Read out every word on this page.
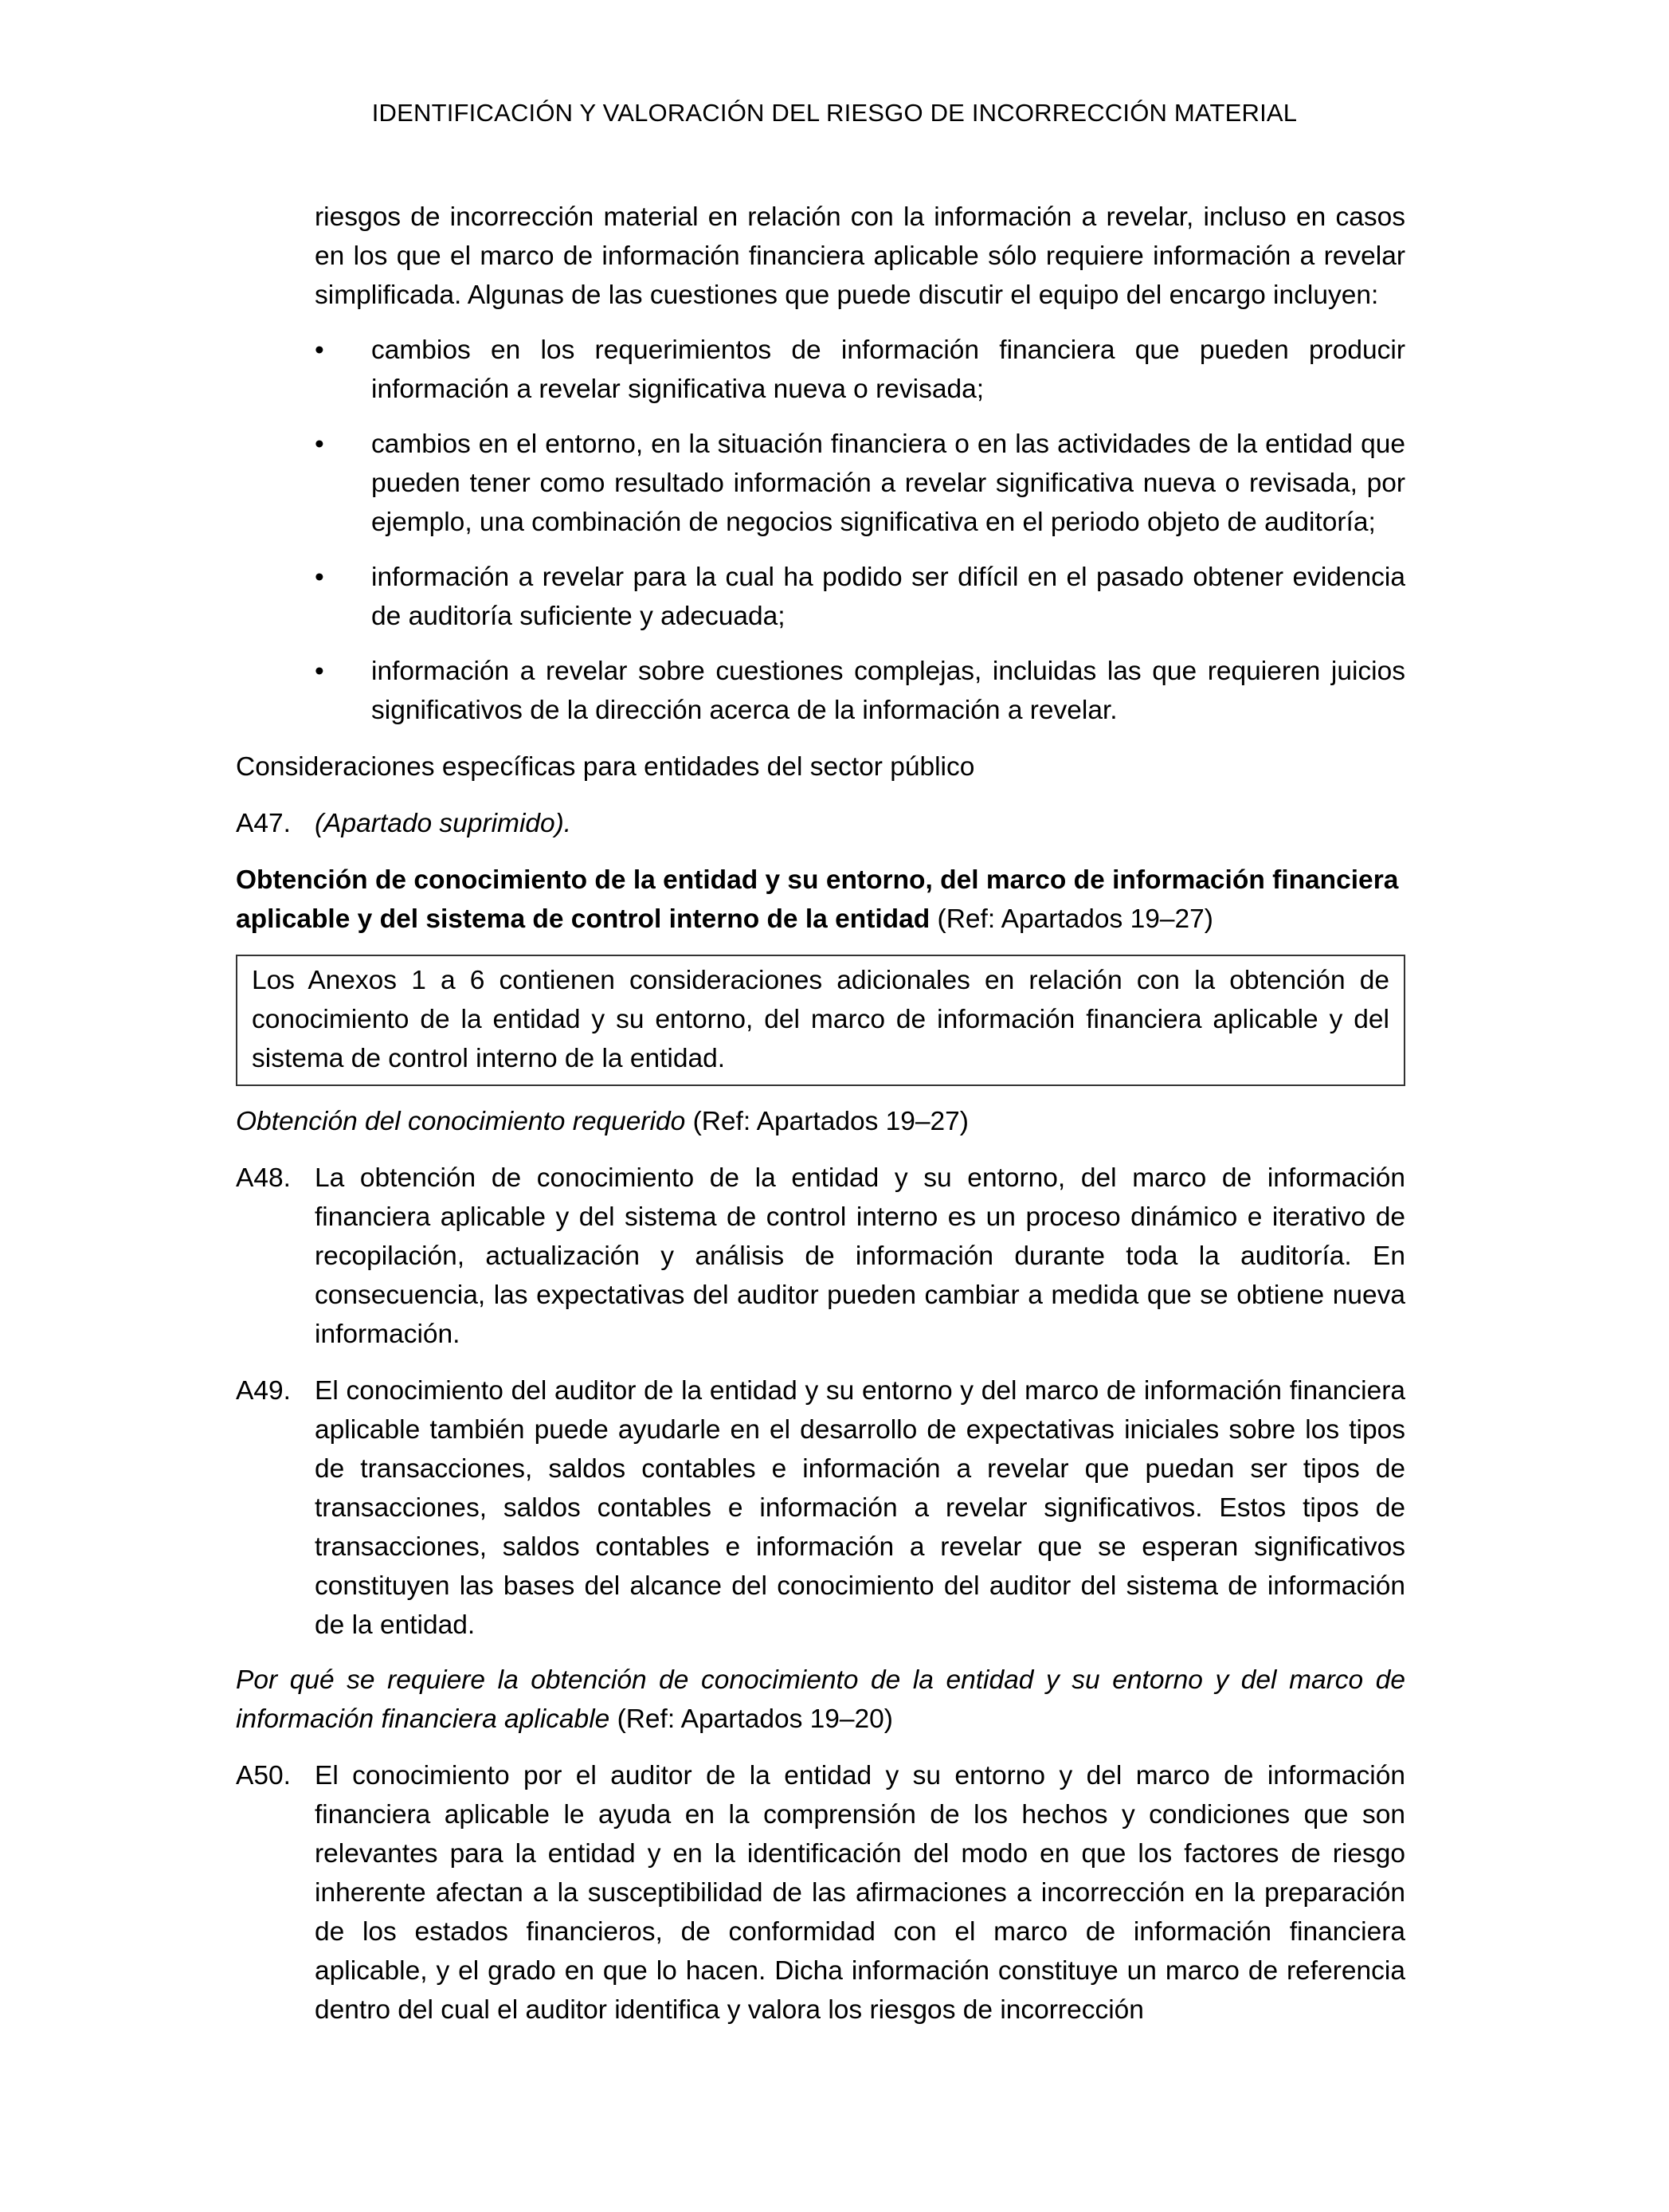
IDENTIFICACIÓN Y VALORACIÓN DEL RIESGO DE INCORRECCIÓN MATERIAL

riesgos de incorrección material en relación con la información a revelar, incluso en casos en los que el marco de información financiera aplicable sólo requiere información a revelar simplificada. Algunas de las cuestiones que puede discutir el equipo del encargo incluyen:

•	cambios en los requerimientos de información financiera que pueden producir información a revelar significativa nueva o revisada;
•	cambios en el entorno, en la situación financiera o en las actividades de la entidad que pueden tener como resultado información a revelar significativa nueva o revisada, por ejemplo, una combinación de negocios significativa en el periodo objeto de auditoría;
•	información a revelar para la cual ha podido ser difícil en el pasado obtener evidencia de auditoría suficiente y adecuada;
•	información a revelar sobre cuestiones complejas, incluidas las que requieren juicios significativos de la dirección acerca de la información a revelar.

Consideraciones específicas para entidades del sector público

A47. (Apartado suprimido).

Obtención de conocimiento de la entidad y su entorno, del marco de información financiera aplicable y del sistema de control interno de la entidad (Ref: Apartados 19‒27)

Los Anexos 1 a 6 contienen consideraciones adicionales en relación con la obtención de conocimiento de la entidad y su entorno, del marco de información financiera aplicable y del sistema de control interno de la entidad.

Obtención del conocimiento requerido (Ref: Apartados 19‒27)

A48. La obtención de conocimiento de la entidad y su entorno, del marco de información financiera aplicable y del sistema de control interno es un proceso dinámico e iterativo de recopilación, actualización y análisis de información durante toda la auditoría. En consecuencia, las expectativas del auditor pueden cambiar a medida que se obtiene nueva información.
A49. El conocimiento del auditor de la entidad y su entorno y del marco de información financiera aplicable también puede ayudarle en el desarrollo de expectativas iniciales sobre los tipos de transacciones, saldos contables e información a revelar que puedan ser tipos de transacciones, saldos contables e información a revelar significativos. Estos tipos de transacciones, saldos contables e información a revelar que se esperan significativos constituyen las bases del alcance del conocimiento del auditor del sistema de información de la entidad.

Por qué se requiere la obtención de conocimiento de la entidad y su entorno y del marco de información financiera aplicable (Ref: Apartados 19‒20)

A50. El conocimiento por el auditor de la entidad y su entorno y del marco de información financiera aplicable le ayuda en la comprensión de los hechos y condiciones que son relevantes para la entidad y en la identificación del modo en que los factores de riesgo inherente afectan a la susceptibilidad de las afirmaciones a incorrección en la preparación de los estados financieros, de conformidad con el marco de información financiera aplicable, y el grado en que lo hacen. Dicha información constituye un marco de referencia dentro del cual el auditor identifica y valora los riesgos de incorrección
